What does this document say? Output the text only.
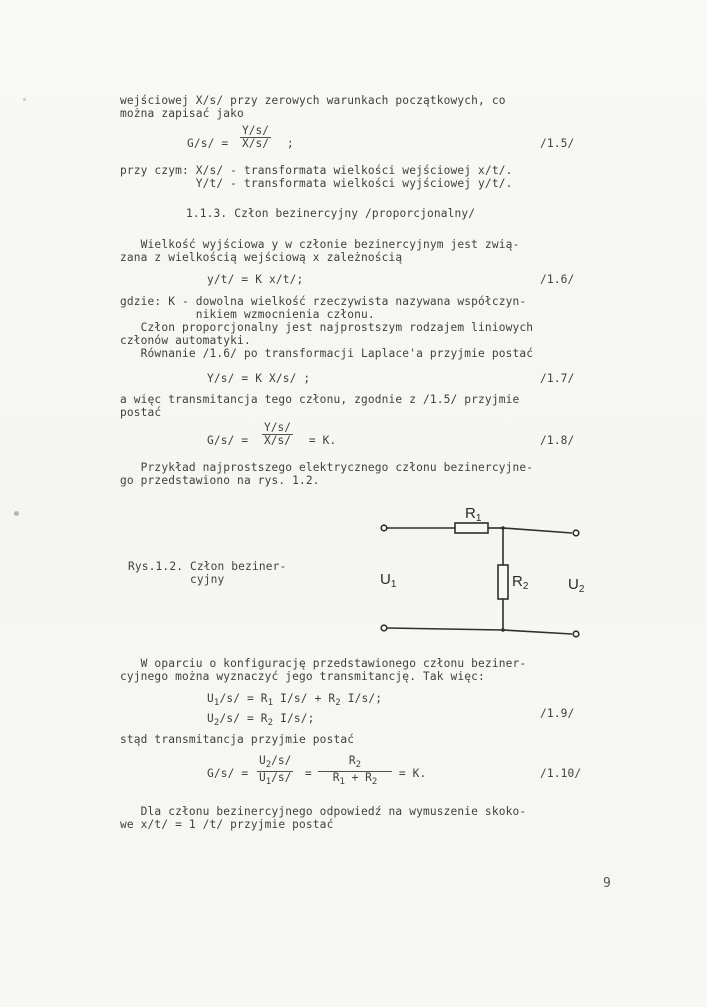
wejściowej X/s/ przy zerowych warunkach początkowych, co
można zapisać jako
$G/s/ = \frac{Y/s/}{X/s/}$ ;	/1.5/
przy czym: X/s/ - transformata wielkości wejściowej x/t/.
Y/t/ - transformata wielkości wyjściowej y/t/.
1.1.3. Człon bezinercyjny /proporcjonalny/
Wielkość wyjściowa y w członie bezinercyjnym jest zwią-
zana z wielkością wejściową x zależnością
y/t/ = K x/t/;	/1.6/
gdzie: K - dowolna wielkość rzeczywista nazywana współczyn-
nikiem wzmocnienia członu.
Człon proporcjonalny jest najprostszym rodzajem liniowych
członów automatyki.
Równanie /1.6/ po transformacji Laplace'a przyjmie postać
Y/s/ = K X/s/ ;	/1.7/
a więc transmitancja tego członu, zgodnie z /1.5/ przyjmie
postać
$G/s/ = \frac{Y/s/}{X/s/} = K$.	/1.8/
Przykład najprostszego elektrycznego członu bezinercyjne-
go przedstawiono na rys. 1.2.
Rys.1.2. Człon beziner-
cyjny
$R_1$
$R_2$
$U_1$	$U_2$
W oparciu o konfigurację przedstawionego członu beziner-
cyjnego można wyznaczyć jego transmitancję. Tak więc:
$U_1/s/ = R_1$ $I/s/ + R_2$ I/s/;
$U_2/s/ = R_2$ I/s/;	/1.9/
stąd transmitancja przyjmie postać
$G/s/ = \frac{U_2/s/}{U_1/s/} = \frac{R_2}{R_1 + R_2} = K$.	/1.10/
Dla członu bezinercyjnego odpowiedź na wymuszenie skoko-
we x/t/ = 1 /t/ przyjmie postać
9
